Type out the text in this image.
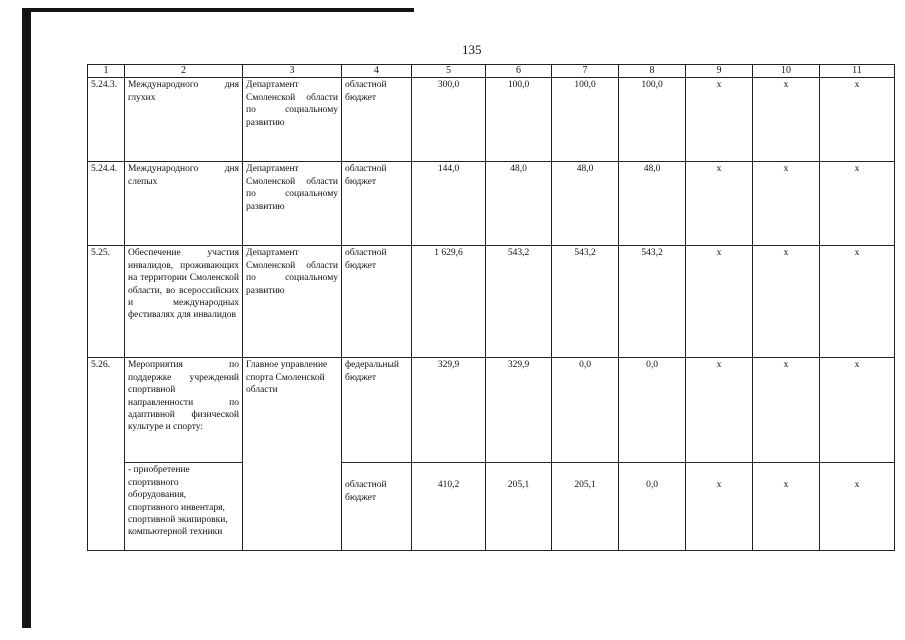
135
1	2	3	4	5	6	7	8	9	10	11
5.24.3.	Международного дня глухих	Департамент Смоленской области по социальному развитию	областной бюджет	300,0	100,0	100,0	100,0	x	x	x
5.24.4.	Международного дня слепых	Департамент Смоленской области по социальному развитию	областной бюджет	144,0	48,0	48,0	48,0	x	x	x
5.25.	Обеспечение участия инвалидов, проживающих на территории Смоленской области, во всероссийских и международных фестивалях для инвалидов	Департамент Смоленской области по социальному развитию	областной бюджет	1 629,6	543,2	543,2	543,2	x	x	x
5.26.	Мероприятия по поддержке учреждений спортивной направленности по адаптивной физической культуре и спорту:	Главное управление спорта Смоленской области	федеральный бюджет	329,9	329,9	0,0	0,0	x	x	x
	- приобретение спортивного оборудования, спортивного инвентаря, спортивной экипировки, компьютерной техники		областной бюджет	410,2	205,1	205,1	0,0	x	x	x
